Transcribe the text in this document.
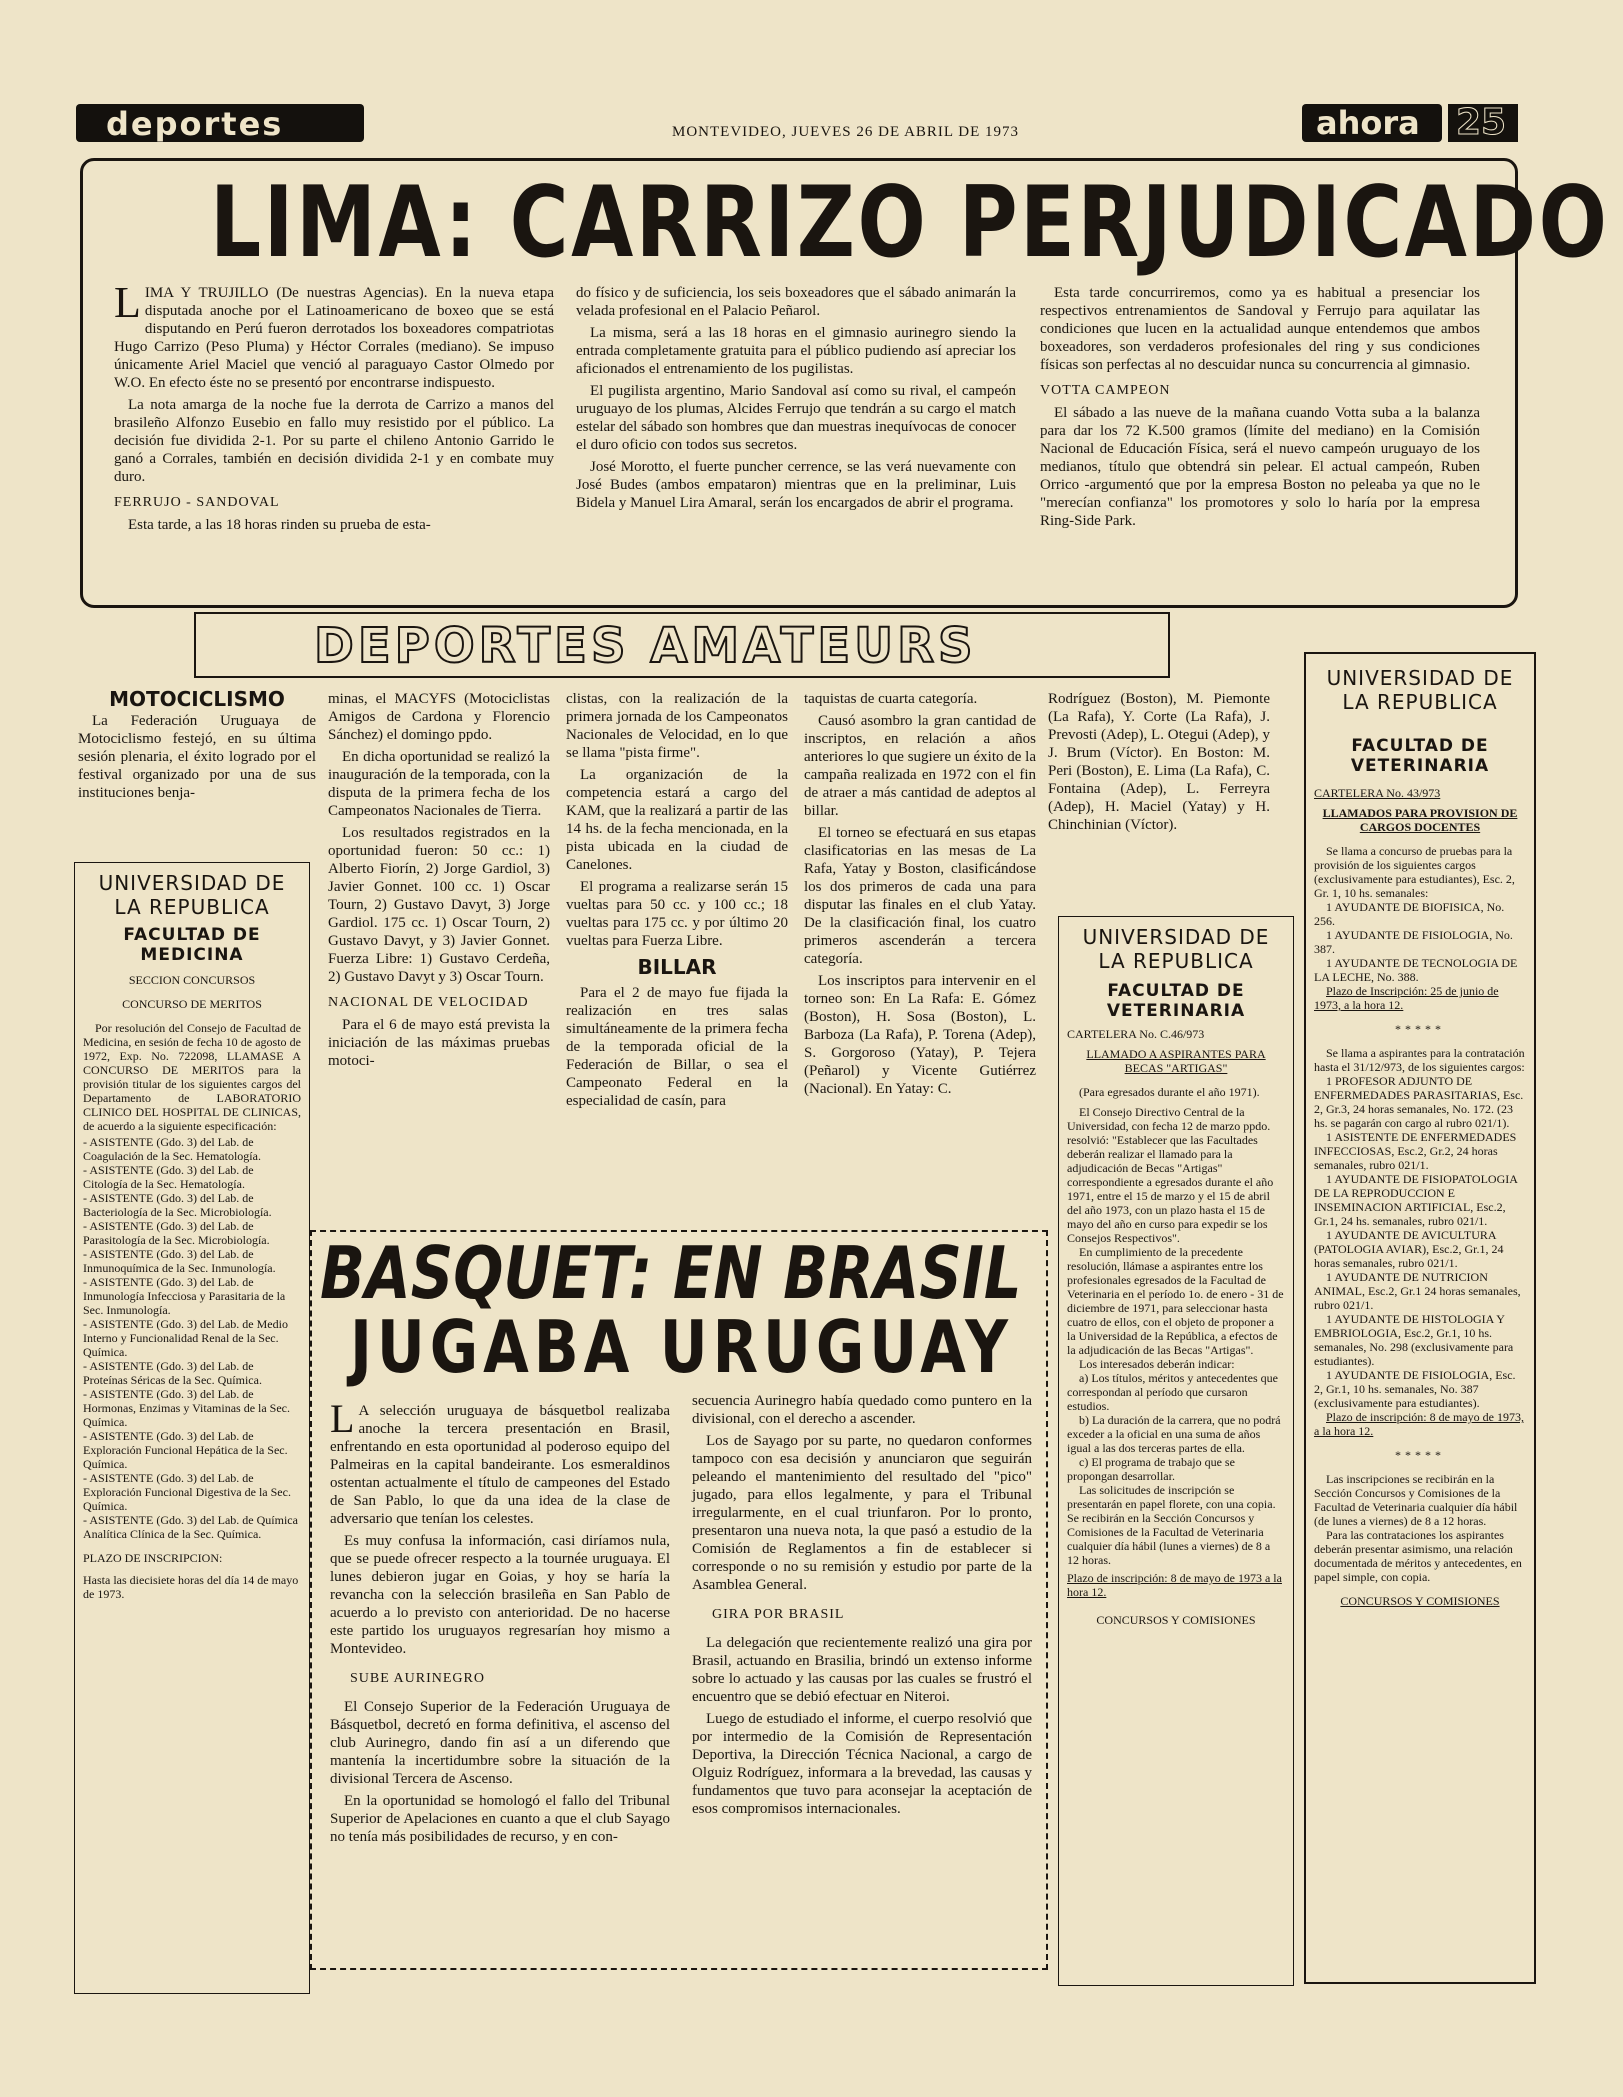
deportes	MONTEVIDEO, JUEVES 26 DE ABRIL DE 1973	ahora 25
LIMA: CARRIZO PERJUDICADO

LIMA Y TRUJILLO (De nuestras Agencias). En la nueva etapa disputada anoche por el Latinoamericano de boxeo que se está disputando en Perú fueron derrotados los boxeadores compatriotas Hugo Carrizo (Peso Pluma) y Héctor Corrales (mediano). Se impuso únicamente Ariel Maciel que venció al paraguayo Castor Olmedo por W.O. En efecto éste no se presentó por encontrarse indispuesto.

La nota amarga de la noche fue la derrota de Carrizo a manos del brasileño Alfonzo Eusebio en fallo muy resistido por el público. La decisión fue dividida 2-1. Por su parte el chileno Antonio Garrido le ganó a Corrales, también en decisión dividida 2-1 y en combate muy duro.

FERRUJO - SANDOVAL

Esta tarde, a las 18 horas rinden su prueba de esta-

do físico y de suficiencia, los seis boxeadores que el sábado animarán la velada profesional en el Palacio Peñarol.

La misma, será a las 18 horas en el gimnasio aurinegro siendo la entrada completamente gratuita para el público pudiendo así apreciar los aficionados el entrenamiento de los pugilistas.

El pugilista argentino, Mario Sandoval así como su rival, el campeón uruguayo de los plumas, Alcides Ferrujo que tendrán a su cargo el match estelar del sábado son hombres que dan muestras inequívocas de conocer el duro oficio con todos sus secretos.

José Morotto, el fuerte puncher cerrence, se las verá nuevamente con José Budes (ambos empataron) mientras que en la preliminar, Luis Bidela y Manuel Lira Amaral, serán los encargados de abrir el programa.

Esta tarde concurriremos, como ya es habitual a presenciar los respectivos entrenamientos de Sandoval y Ferrujo para aquilatar las condiciones que lucen en la actualidad aunque entendemos que ambos boxeadores, son verdaderos profesionales del ring y sus condiciones físicas son perfectas al no descuidar nunca su concurrencia al gimnasio.

VOTTA CAMPEON

El sábado a las nueve de la mañana cuando Votta suba a la balanza para dar los 72 K.500 gramos (límite del mediano) en la Comisión Nacional de Educación Física, será el nuevo campeón uruguayo de los medianos, título que obtendrá sin pelear. El actual campeón, Ruben Orrico -argumentó que por la empresa Boston no peleaba ya que no le "merecían confianza" los promotores y solo lo haría por la empresa Ring-Side Park.

DEPORTES AMATEURS
MOTOCICLISMO

La Federación Uruguaya de Motociclismo festejó, en su última sesión plenaria, el éxito logrado por el festival organizado por una de sus instituciones benja-

minas, el MACYFS (Motociclistas Amigos de Cardona y Florencio Sánchez) el domingo ppdo.

En dicha oportunidad se realizó la inauguración de la temporada, con la disputa de la primera fecha de los Campeonatos Nacionales de Tierra.

Los resultados registrados en la oportunidad fueron: 50 cc.: 1) Alberto Fiorín, 2) Jorge Gardiol, 3) Javier Gonnet. 100 cc. 1) Oscar Tourn, 2) Gustavo Davyt, 3) Jorge Gardiol. 175 cc. 1) Oscar Tourn, 2) Gustavo Davyt, y 3) Javier Gonnet. Fuerza Libre: 1) Gustavo Cerdeña, 2) Gustavo Davyt y 3) Oscar Tourn.

NACIONAL DE VELOCIDAD

Para el 6 de mayo está prevista la iniciación de las máximas pruebas motoci-

clistas, con la realización de la primera jornada de los Campeonatos Nacionales de Velocidad, en lo que se llama "pista firme".

La organización de la competencia estará a cargo del KAM, que la realizará a partir de las 14 hs. de la fecha mencionada, en la pista ubicada en la ciudad de Canelones.

El programa a realizarse serán 15 vueltas para 50 cc. y 100 cc.; 18 vueltas para 175 cc. y por último 20 vueltas para Fuerza Libre.

BILLAR

Para el 2 de mayo fue fijada la realización en tres salas simultáneamente de la primera fecha de la temporada oficial de la Federación de Billar, o sea el Campeonato Federal en la especialidad de casín, para

taquistas de cuarta categoría.

Causó asombro la gran cantidad de inscriptos, en relación a años anteriores lo que sugiere un éxito de la campaña realizada en 1972 con el fin de atraer a más cantidad de adeptos al billar.

El torneo se efectuará en sus etapas clasificatorias en las mesas de La Rafa, Yatay y Boston, clasificándose los dos primeros de cada una para disputar las finales en el club Yatay. De la clasificación final, los cuatro primeros ascenderán a tercera categoría.

Los inscriptos para intervenir en el torneo son: En La Rafa: E. Gómez (Boston), H. Sosa (Boston), L. Barboza (La Rafa), P. Torena (Adep), S. Gorgoroso (Yatay), P. Tejera (Peñarol) y Vicente Gutiérrez (Nacional). En Yatay: C.

Rodríguez (Boston), M. Piemonte (La Rafa), Y. Corte (La Rafa), J. Prevosti (Adep), L. Otegui (Adep), y J. Brum (Víctor). En Boston: M. Peri (Boston), E. Lima (La Rafa), C. Fontaina (Adep), L. Ferreyra (Adep), H. Maciel (Yatay) y H. Chinchinian (Víctor).

UNIVERSIDAD DE LA REPUBLICA
FACULTAD DE MEDICINA
SECCION CONCURSOS
CONCURSO DE MERITOS
Por resolución del Consejo de Facultad de Medicina, en sesión de fecha 10 de agosto de 1972, Exp. No. 722098, LLAMASE A CONCURSO DE MERITOS para la provisión titular de los siguientes cargos del Departamento de LABORATORIO CLINICO DEL HOSPITAL DE CLINICAS, de acuerdo a la siguiente especificación:
- ASISTENTE (Gdo. 3) del Lab. de Coagulación de la Sec. Hematología.
- ASISTENTE (Gdo. 3) del Lab. de Citología de la Sec. Hematología.
- ASISTENTE (Gdo. 3) del Lab. de Bacteriología de la Sec. Microbiología.
- ASISTENTE (Gdo. 3) del Lab. de Parasitología de la Sec. Microbiología.
- ASISTENTE (Gdo. 3) del Lab. de Inmunoquímica de la Sec. Inmunología.
- ASISTENTE (Gdo. 3) del Lab. de Inmunología Infecciosa y Parasitaria de la Sec. Inmunología.
- ASISTENTE (Gdo. 3) del Lab. de Medio Interno y Funcionalidad Renal de la Sec. Química.
- ASISTENTE (Gdo. 3) del Lab. de Proteínas Séricas de la Sec. Química.
- ASISTENTE (Gdo. 3) del Lab. de Hormonas, Enzimas y Vitaminas de la Sec. Química.
- ASISTENTE (Gdo. 3) del Lab. de Exploración Funcional Hepática de la Sec. Química.
- ASISTENTE (Gdo. 3) del Lab. de Exploración Funcional Digestiva de la Sec. Química.
- ASISTENTE (Gdo. 3) del Lab. de Química Analítica Clínica de la Sec. Química.
PLAZO DE INSCRIPCION:
Hasta las diecisiete horas del día 14 de mayo de 1973.
BASQUET: EN BRASIL
JUGABA URUGUAY

L A selección uruguaya de básquetbol realizaba anoche la tercera presentación en Brasil, enfrentando en esta oportunidad al poderoso equipo del Palmeiras en la capital bandeirante. Los esmeraldinos ostentan actualmente el título de campeones del Estado de San Pablo, lo que da una idea de la clase de adversario que tenían los celestes.

Es muy confusa la información, casi diríamos nula, que se puede ofrecer respecto a la tournée uruguaya. El lunes debieron jugar en Goias, y hoy se haría la revancha con la selección brasileña en San Pablo de acuerdo a lo previsto con anterioridad. De no hacerse este partido los uruguayos regresarían hoy mismo a Montevideo.

SUBE AURINEGRO

El Consejo Superior de la Federación Uruguaya de Básquetbol, decretó en forma definitiva, el ascenso del club Aurinegro, dando fin así a un diferendo que mantenía la incertidumbre sobre la situación de la divisional Tercera de Ascenso.

En la oportunidad se homologó el fallo del Tribunal Superior de Apelaciones en cuanto a que el club Sayago no tenía más posibilidades de recurso, y en con-

secuencia Aurinegro había quedado como puntero en la divisional, con el derecho a ascender.

Los de Sayago por su parte, no quedaron conformes tampoco con esa decisión y anunciaron que seguirán peleando el mantenimiento del resultado del "pico" jugado, para ellos legalmente, y para el Tribunal irregularmente, en el cual triunfaron. Por lo pronto, presentaron una nueva nota, la que pasó a estudio de la Comisión de Reglamentos a fin de establecer si corresponde o no su remisión y estudio por parte de la Asamblea General.

GIRA POR BRASIL

La delegación que recientemente realizó una gira por Brasil, actuando en Brasilia, brindó un extenso informe sobre lo actuado y las causas por las cuales se frustró el encuentro que se debió efectuar en Niteroi.

Luego de estudiado el informe, el cuerpo resolvió que por intermedio de la Comisión de Representación Deportiva, la Dirección Técnica Nacional, a cargo de Olguiz Rodríguez, informara a la brevedad, las causas y fundamentos que tuvo para aconsejar la aceptación de esos compromisos internacionales.

UNIVERSIDAD DE LA REPUBLICA
FACULTAD DE VETERINARIA
CARTELERA No. C.46/973
LLAMADO A ASPIRANTES PARA BECAS "ARTIGAS"
(Para egresados durante el año 1971).
El Consejo Directivo Central de la Universidad, con fecha 12 de marzo ppdo. resolvió: "Establecer que las Facultades deberán realizar el llamado para la adjudicación de Becas "Artigas" correspondiente a egresados durante el año 1971, entre el 15 de marzo y el 15 de abril del año 1973, con un plazo hasta el 15 de mayo del año en curso para expedir se los Consejos Respectivos".
En cumplimiento de la precedente resolución, llámase a aspirantes entre los profesionales egresados de la Facultad de Veterinaria en el período 1o. de enero - 31 de diciembre de 1971, para seleccionar hasta cuatro de ellos, con el objeto de proponer a la Universidad de la República, a efectos de la adjudicación de las Becas "Artigas".
Los interesados deberán indicar:
a) Los títulos, méritos y antecedentes que correspondan al período que cursaron estudios.
b) La duración de la carrera, que no podrá exceder a la oficial en una suma de años igual a las dos terceras partes de ella.
c) El programa de trabajo que se propongan desarrollar.
Las solicitudes de inscripción se presentarán en papel florete, con una copia. Se recibirán en la Sección Concursos y Comisiones de la Facultad de Veterinaria cualquier día hábil (lunes a viernes) de 8 a 12 horas.
Plazo de inscripción: 8 de mayo de 1973 a la hora 12.
CONCURSOS Y COMISIONES
UNIVERSIDAD DE LA REPUBLICA
FACULTAD DE VETERINARIA
CARTELERA No. 43/973
LLAMADOS PARA PROVISION DE CARGOS DOCENTES
Se llama a concurso de pruebas para la provisión de los siguientes cargos (exclusivamente para estudiantes), Esc. 2, Gr. 1, 10 hs. semanales:
1 AYUDANTE DE BIOFISICA, No. 256.
1 AYUDANTE DE FISIOLOGIA, No. 387.
1 AYUDANTE DE TECNOLOGIA DE LA LECHE, No. 388.
Plazo de Inscripción: 25 de junio de 1973, a la hora 12.
*****
Se llama a aspirantes para la contratación hasta el 31/12/973, de los siguientes cargos:
1 PROFESOR ADJUNTO DE ENFERMEDADES PARASITARIAS, Esc. 2, Gr.3, 24 horas semanales, No. 172. (23 hs. se pagarán con cargo al rubro 021/1).
1 ASISTENTE DE ENFERMEDADES INFECCIOSAS, Esc.2, Gr.2, 24 horas semanales, rubro 021/1.
1 AYUDANTE DE FISIOPATOLOGIA DE LA REPRODUCCION E INSEMINACION ARTIFICIAL, Esc.2, Gr.1, 24 hs. semanales, rubro 021/1.
1 AYUDANTE DE AVICULTURA (PATOLOGIA AVIAR), Esc.2, Gr.1, 24 horas semanales, rubro 021/1.
1 AYUDANTE DE NUTRICION ANIMAL, Esc.2, Gr.1 24 horas semanales, rubro 021/1.
1 AYUDANTE DE HISTOLOGIA Y EMBRIOLOGIA, Esc.2, Gr.1, 10 hs. semanales, No. 298 (exclusivamente para estudiantes).
1 AYUDANTE DE FISIOLOGIA, Esc. 2, Gr.1, 10 hs. semanales, No. 387 (exclusivamente para estudiantes).
Plazo de inscripción: 8 de mayo de 1973, a la hora 12.
*****
Las inscripciones se recibirán en la Sección Concursos y Comisiones de la Facultad de Veterinaria cualquier día hábil (de lunes a viernes) de 8 a 12 horas.
Para las contrataciones los aspirantes deberán presentar asimismo, una relación documentada de méritos y antecedentes, en papel simple, con copia.
CONCURSOS Y COMISIONES
